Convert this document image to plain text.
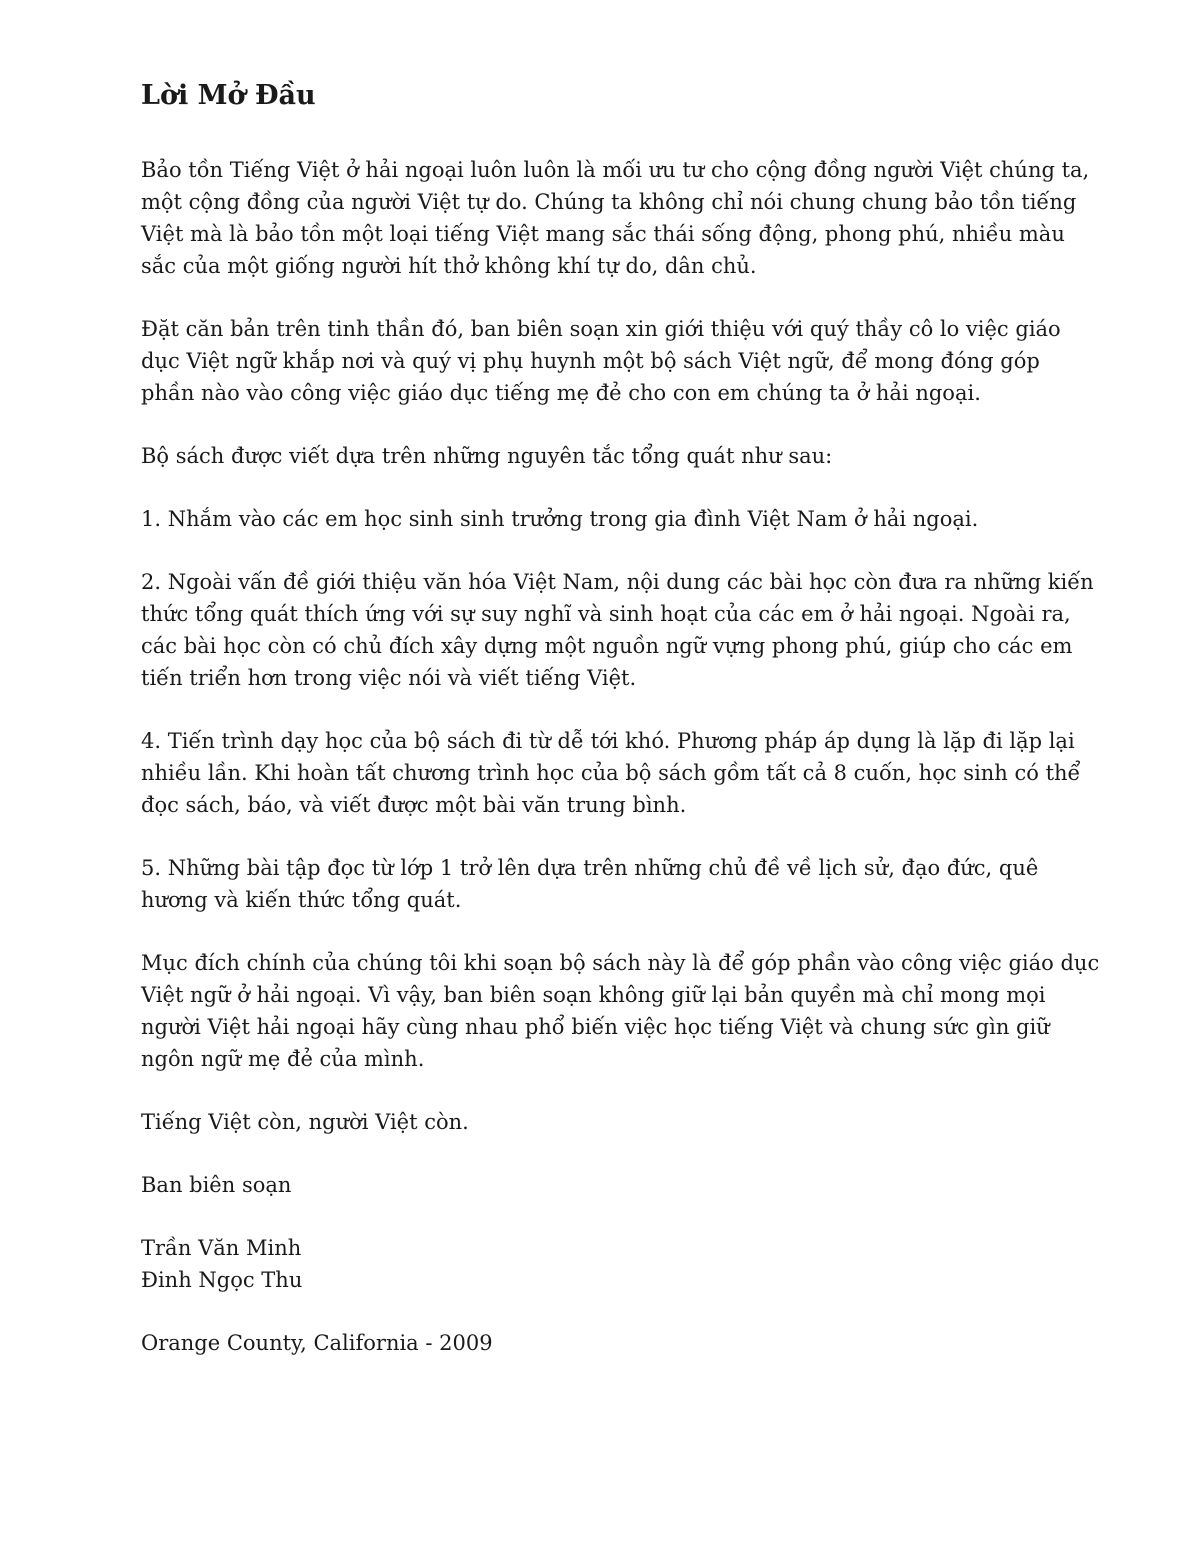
Lời Mở Đầu

Bảo tồn Tiếng Việt ở hải ngoại luôn luôn là mối ưu tư cho cộng đồng người Việt chúng ta,
một cộng đồng của người Việt tự do. Chúng ta không chỉ nói chung chung bảo tồn tiếng
Việt mà là bảo tồn một loại tiếng Việt mang sắc thái sống động, phong phú, nhiều màu
sắc của một giống người hít thở không khí tự do, dân chủ.

Đặt căn bản trên tinh thần đó, ban biên soạn xin giới thiệu với quý thầy cô lo việc giáo
dục Việt ngữ khắp nơi và quý vị phụ huynh một bộ sách Việt ngữ, để mong đóng góp
phần nào vào công việc giáo dục tiếng mẹ đẻ cho con em chúng ta ở hải ngoại.

Bộ sách được viết dựa trên những nguyên tắc tổng quát như sau:

1. Nhắm vào các em học sinh sinh trưởng trong gia đình Việt Nam ở hải ngoại.

2. Ngoài vấn đề giới thiệu văn hóa Việt Nam, nội dung các bài học còn đưa ra những kiến
thức tổng quát thích ứng với sự suy nghĩ và sinh hoạt của các em ở hải ngoại. Ngoài ra,
các bài học còn có chủ đích xây dựng một nguồn ngữ vựng phong phú, giúp cho các em
tiến triển hơn trong việc nói và viết tiếng Việt.

4. Tiến trình dạy học của bộ sách đi từ dễ tới khó. Phương pháp áp dụng là lặp đi lặp lại
nhiều lần. Khi hoàn tất chương trình học của bộ sách gồm tất cả 8 cuốn, học sinh có thể
đọc sách, báo, và viết được một bài văn trung bình.

5. Những bài tập đọc từ lớp 1 trở lên dựa trên những chủ đề về lịch sử, đạo đức, quê
hương và kiến thức tổng quát.

Mục đích chính của chúng tôi khi soạn bộ sách này là để góp phần vào công việc giáo dục
Việt ngữ ở hải ngoại. Vì vậy, ban biên soạn không giữ lại bản quyền mà chỉ mong mọi
người Việt hải ngoại hãy cùng nhau phổ biến việc học tiếng Việt và chung sức gìn giữ
ngôn ngữ mẹ đẻ của mình.

Tiếng Việt còn, người Việt còn.

Ban biên soạn

Trần Văn Minh
Đinh Ngọc Thu

Orange County, California - 2009
